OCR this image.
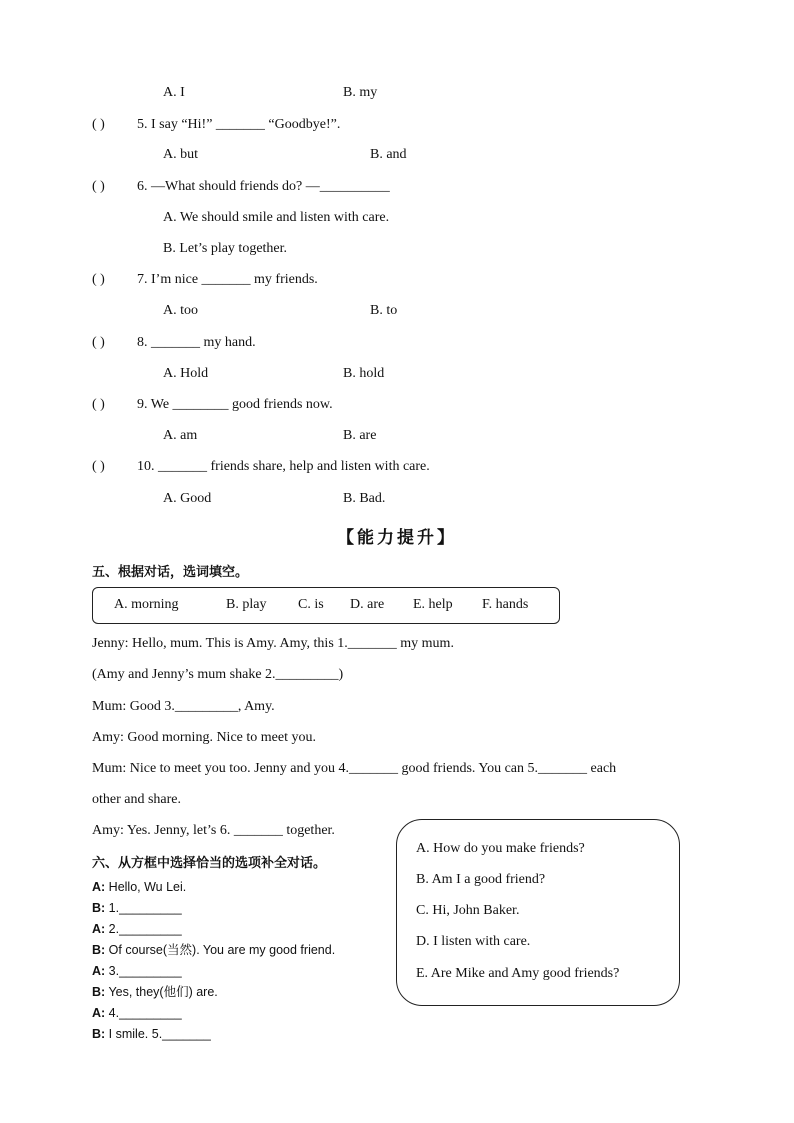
A. I	B. my
( ) 5. I say “Hi!” _______ “Goodbye!”.
A. but	B. and
( ) 6. —What should friends do? —__________
A. We should smile and listen with care.
B. Let’s play together.
( ) 7. I’m nice _______ my friends.
A. too	B. to
( ) 8. _______ my hand.
A. Hold	B. hold
( ) 9. We ________ good friends now.
A. am	B. are
( ) 10. _______ friends share, help and listen with care.
A. Good	B. Bad.
【能力提升】
五、根据对话，选词填空。
A. morning	B. play C. is D. are E. help F. hands
Jenny: Hello, mum. This is Amy. Amy, this 1._______ my mum.
(Amy and Jenny’s mum shake 2._________)
Mum: Good 3._________, Amy.
Amy: Good morning. Nice to meet you.
Mum: Nice to meet you too. Jenny and you 4._______ good friends. You can 5._______ each
other and share.
Amy: Yes. Jenny, let’s 6. _______ together.
六、从方框中选择恰当的选项补全对话。
A: Hello, Wu Lei.
B: 1._________
A: 2._________
B: Of course(当然). You are my good friend.
A: 3._________
B: Yes, they(他们) are.
A: 4._________
B: I smile. 5._______
A. How do you make friends?
B. Am I a good friend?
C. Hi, John Baker.
D. I listen with care.
E. Are Mike and Amy good friends?
